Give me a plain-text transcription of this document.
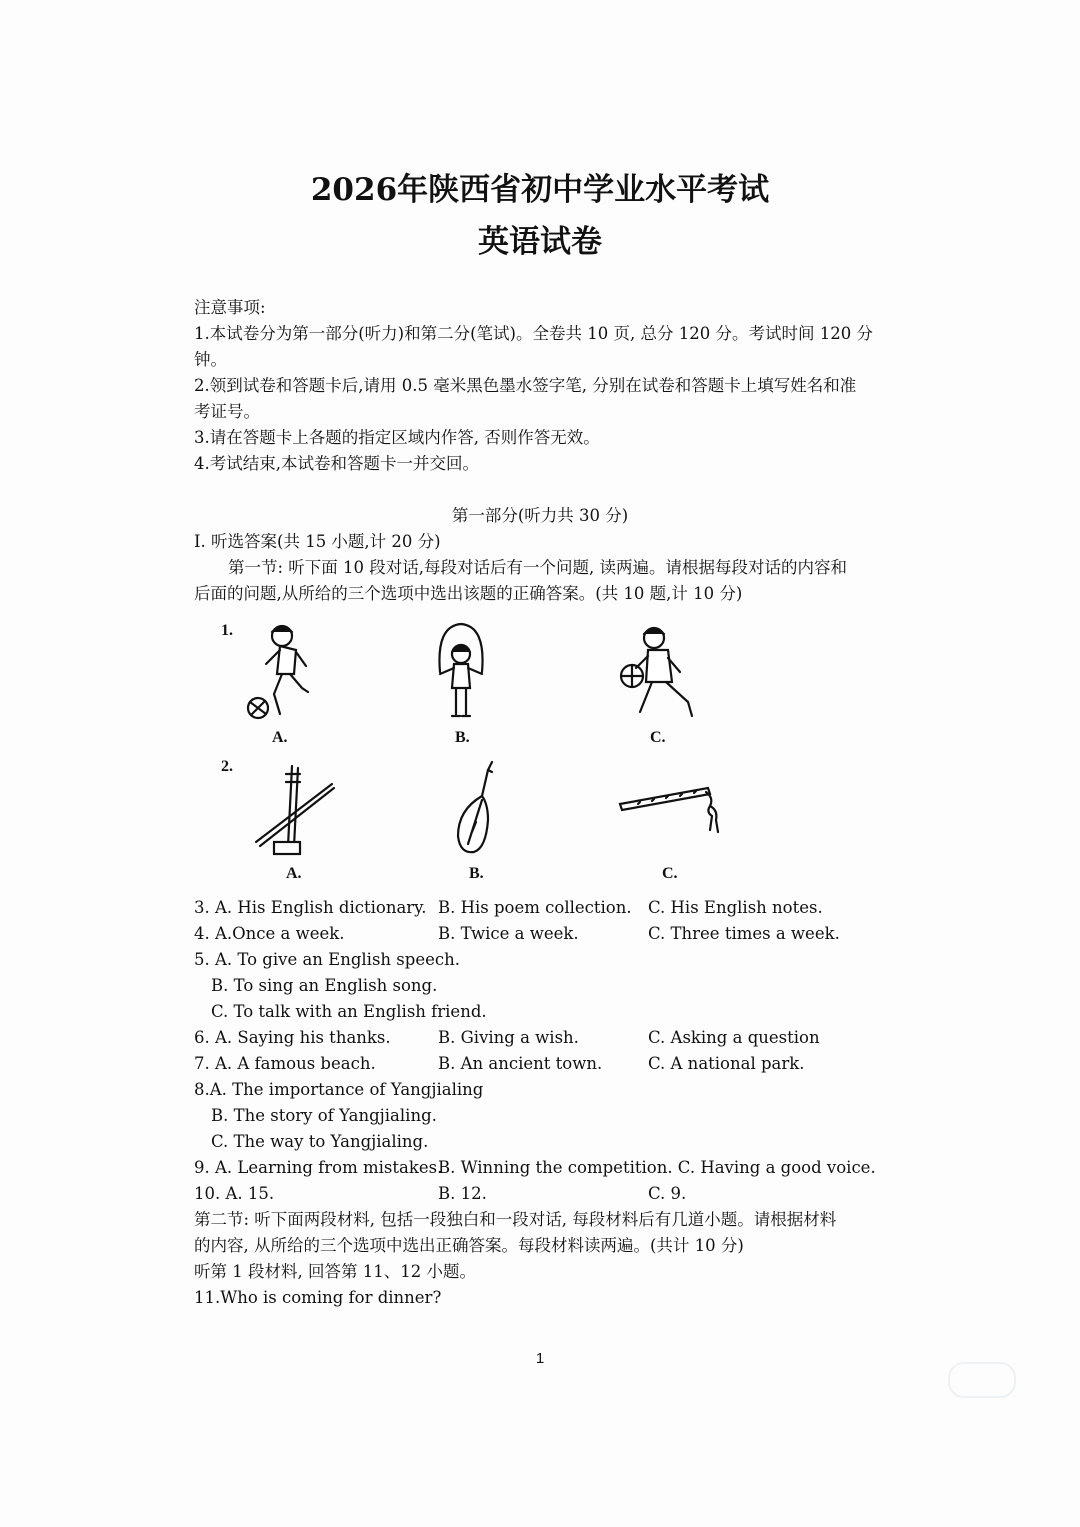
2026年陕西省初中学业水平考试
英语试卷
注意事项:
1.本试卷分为第一部分(听力)和第二分(笔试)。全卷共 10 页, 总分 120 分。考试时间 120 分
钟。
2.领到试卷和答题卡后,请用 0.5 毫米黑色墨水签字笔, 分别在试卷和答题卡上填写姓名和准
考证号。
3.请在答题卡上各题的指定区域内作答, 否则作答无效。
4.考试结束,本试卷和答题卡一并交回。
第一部分(听力共 30 分)
I. 听选答案(共 15 小题,计 20 分)
第一节: 听下面 10 段对话,每段对话后有一个问题, 读两遍。请根据每段对话的内容和
后面的问题,从所给的三个选项中选出该题的正确答案。(共 10 题,计 10 分)
1.
A.	B.	C.
2.
A.	B.	C.
3. A. His English dictionary. B. His poem collection. C. His English notes.
4. A.Once a week.	B. Twice a week.	C. Three times a week.
5. A. To give an English speech.
B. To sing an English song.
C. To talk with an English friend.
6. A. Saying his thanks.	B. Giving a wish.	C. Asking a question
7. A. A famous beach.	B. An ancient town.	C. A national park.
8.A. The importance of Yangjialing
B. The story of Yangjialing.
C. The way to Yangjialing.
9. A. Learning from mistakes.
B. Winning the competition. C. Having a good voice.
10. A. 15.	B. 12.	C. 9.
第二节: 听下面两段材料, 包括一段独白和一段对话, 每段材料后有几道小题。请根据材料
的内容, 从所给的三个选项中选出正确答案。每段材料读两遍。(共计 10 分)
听第 1 段材料, 回答第 11、12 小题。
11.Who is coming for dinner?
1
